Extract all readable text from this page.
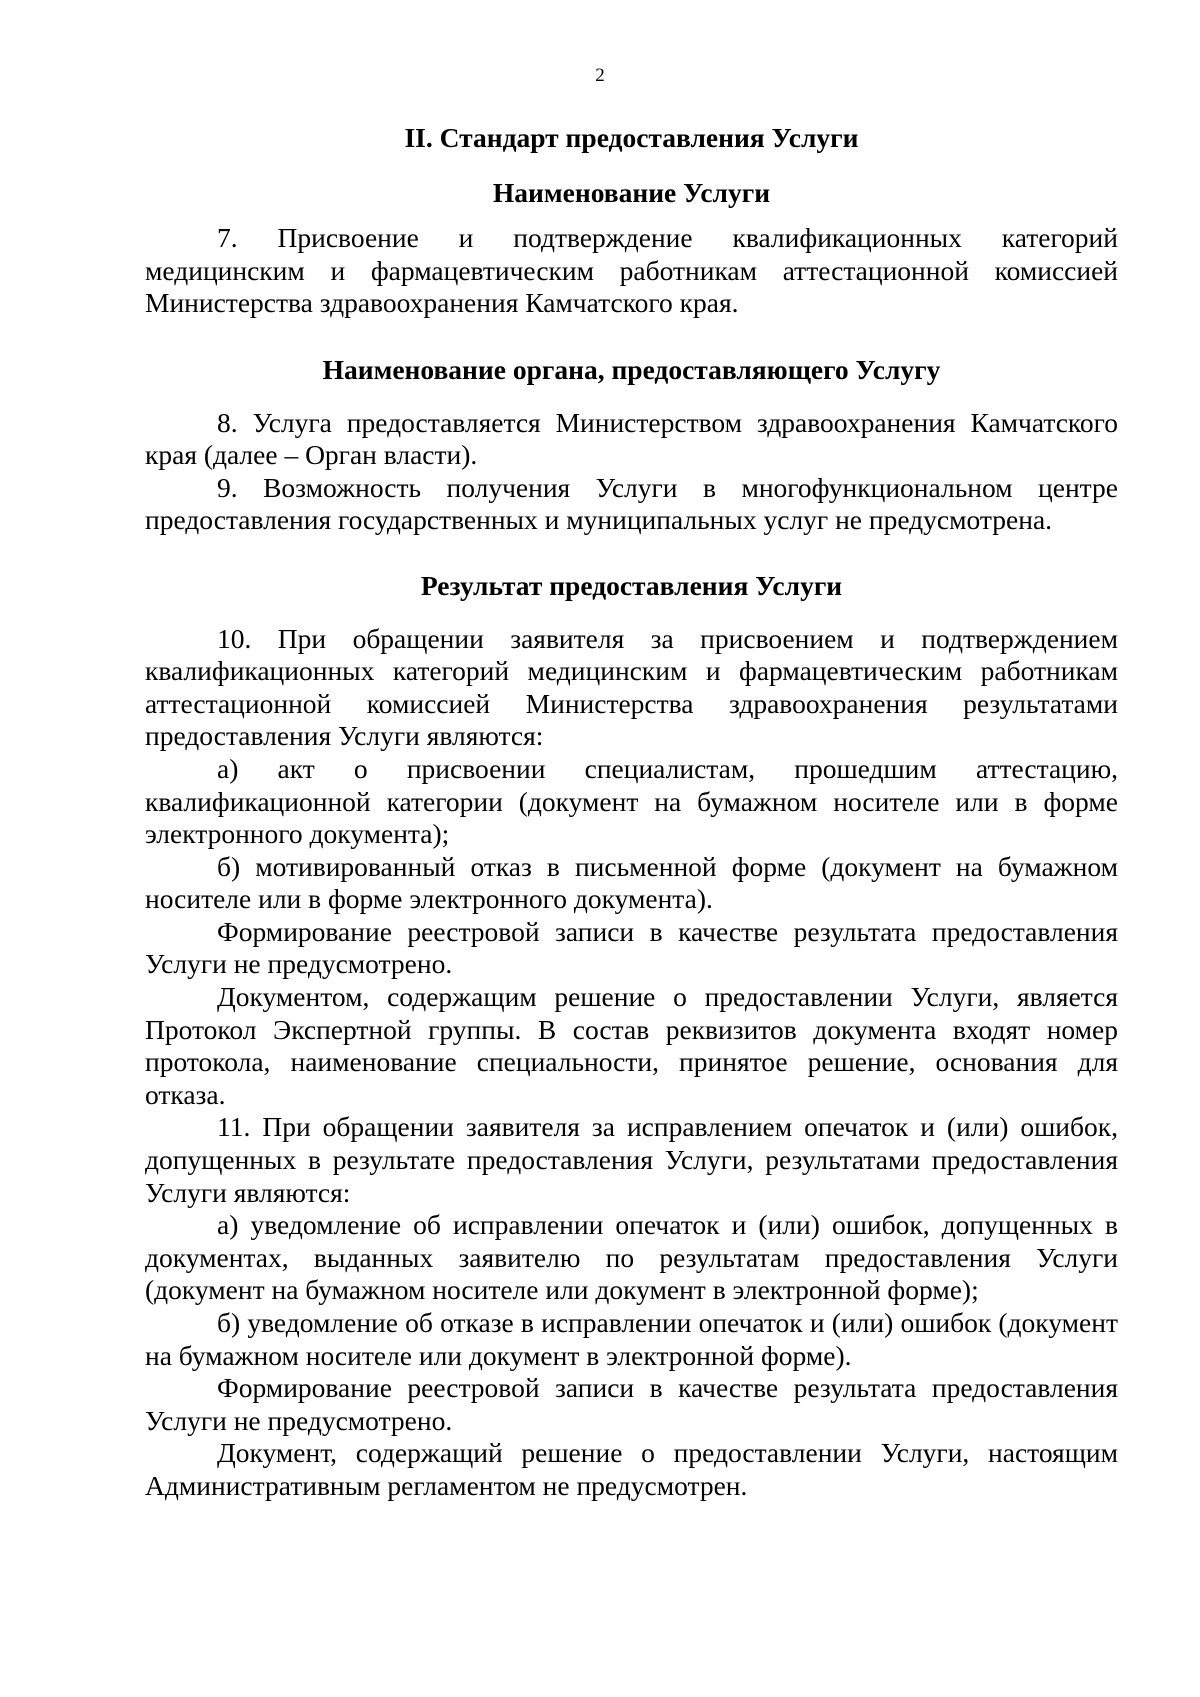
2
II. Стандарт предоставления Услуги
Наименование Услуги

7. Присвоение и подтверждение квалификационных категорий медицинским и фармацевтическим работникам аттестационной комиссией Министерства здравоохранения Камчатского края.

Наименование органа, предоставляющего Услугу

8. Услуга предоставляется Министерством здравоохранения Камчатского края (далее – Орган власти).

9. Возможность получения Услуги в многофункциональном центре предоставления государственных и муниципальных услуг не предусмотрена.

Результат предоставления Услуги

10. При обращении заявителя за присвоением и подтверждением квалификационных категорий медицинским и фармацевтическим работникам аттестационной комиссией Министерства здравоохранения результатами предоставления Услуги являются:

а) акт о присвоении специалистам, прошедшим аттестацию, квалификационной категории (документ на бумажном носителе или в форме электронного документа);

б) мотивированный отказ в письменной форме (документ на бумажном носителе или в форме электронного документа).

Формирование реестровой записи в качестве результата предоставления Услуги не предусмотрено.

Документом, содержащим решение о предоставлении Услуги, является Протокол Экспертной группы. В состав реквизитов документа входят номер протокола, наименование специальности, принятое решение, основания для отказа.

11. При обращении заявителя за исправлением опечаток и (или) ошибок, допущенных в результате предоставления Услуги, результатами предоставления Услуги являются:

а) уведомление об исправлении опечаток и (или) ошибок, допущенных в документах, выданных заявителю по результатам предоставления Услуги (документ на бумажном носителе или документ в электронной форме);

б) уведомление об отказе в исправлении опечаток и (или) ошибок (документ на бумажном носителе или документ в электронной форме).

Формирование реестровой записи в качестве результата предоставления Услуги не предусмотрено.

Документ, содержащий решение о предоставлении Услуги, настоящим Административным регламентом не предусмотрен.
